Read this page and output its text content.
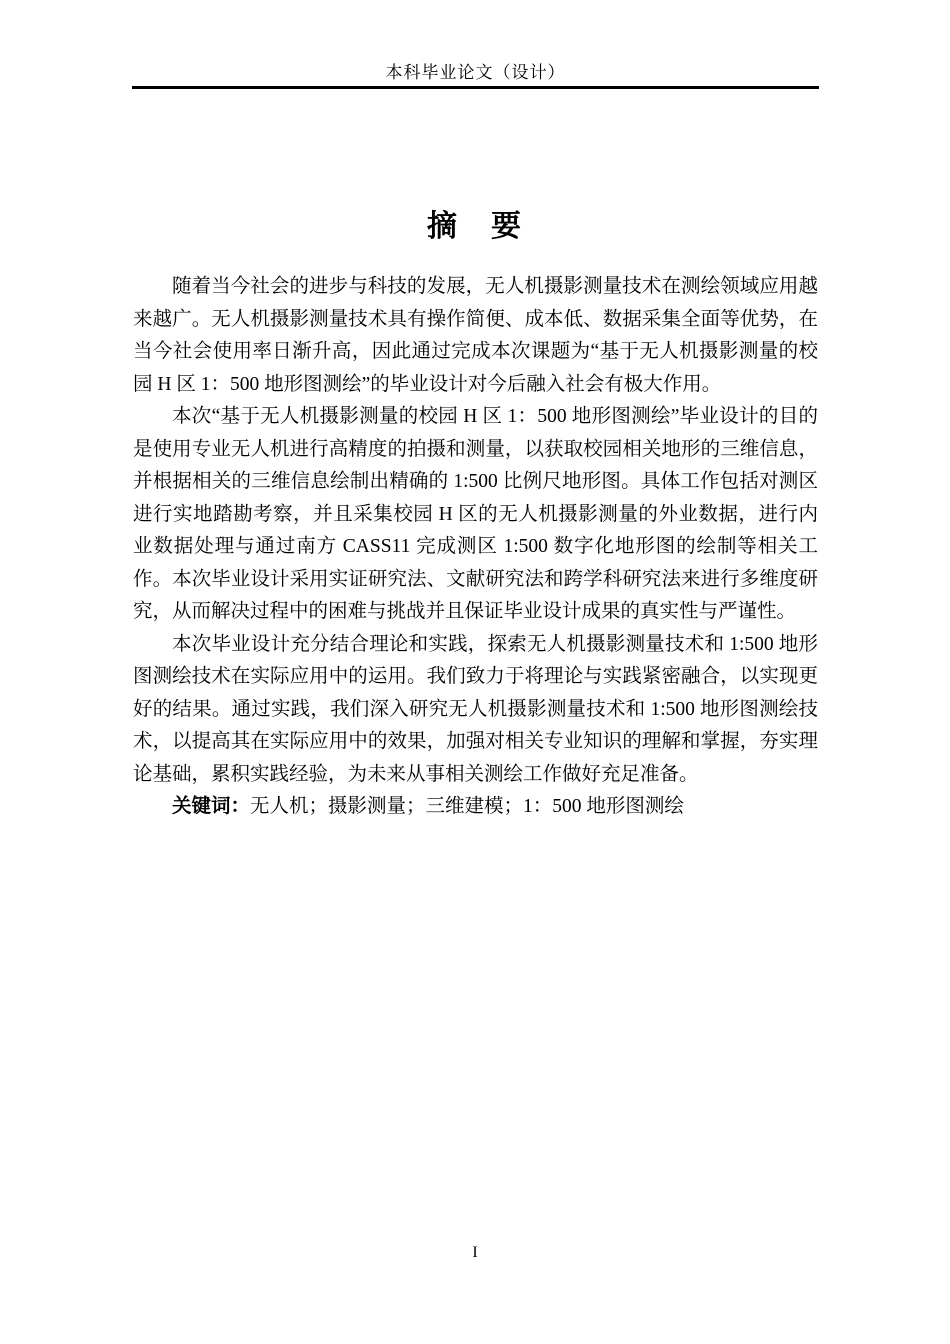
本科毕业论文（设计）
摘　要

随着当今社会的进步与科技的发展，无人机摄影测量技术在测绘领域应用越来越广。无人机摄影测量技术具有操作简便、成本低、数据采集全面等优势，在当今社会使用率日渐升高，因此通过完成本次课题为“基于无人机摄影测量的校园 H 区 1：500 地形图测绘”的毕业设计对今后融入社会有极大作用。

本次“基于无人机摄影测量的校园 H 区 1：500 地形图测绘”毕业设计的目的是使用专业无人机进行高精度的拍摄和测量，以获取校园相关地形的三维信息，并根据相关的三维信息绘制出精确的 1:500 比例尺地形图。具体工作包括对测区进行实地踏勘考察，并且采集校园 H 区的无人机摄影测量的外业数据，进行内业数据处理与通过南方 CASS11 完成测区 1:500 数字化地形图的绘制等相关工作。本次毕业设计采用实证研究法、文献研究法和跨学科研究法来进行多维度研究，从而解决过程中的困难与挑战并且保证毕业设计成果的真实性与严谨性。

本次毕业设计充分结合理论和实践，探索无人机摄影测量技术和 1:500 地形图测绘技术在实际应用中的运用。我们致力于将理论与实践紧密融合，以实现更好的结果。通过实践，我们深入研究无人机摄影测量技术和 1:500 地形图测绘技术，以提高其在实际应用中的效果，加强对相关专业知识的理解和掌握，夯实理论基础，累积实践经验，为未来从事相关测绘工作做好充足准备。

关键词：无人机；摄影测量；三维建模；1：500 地形图测绘

I
